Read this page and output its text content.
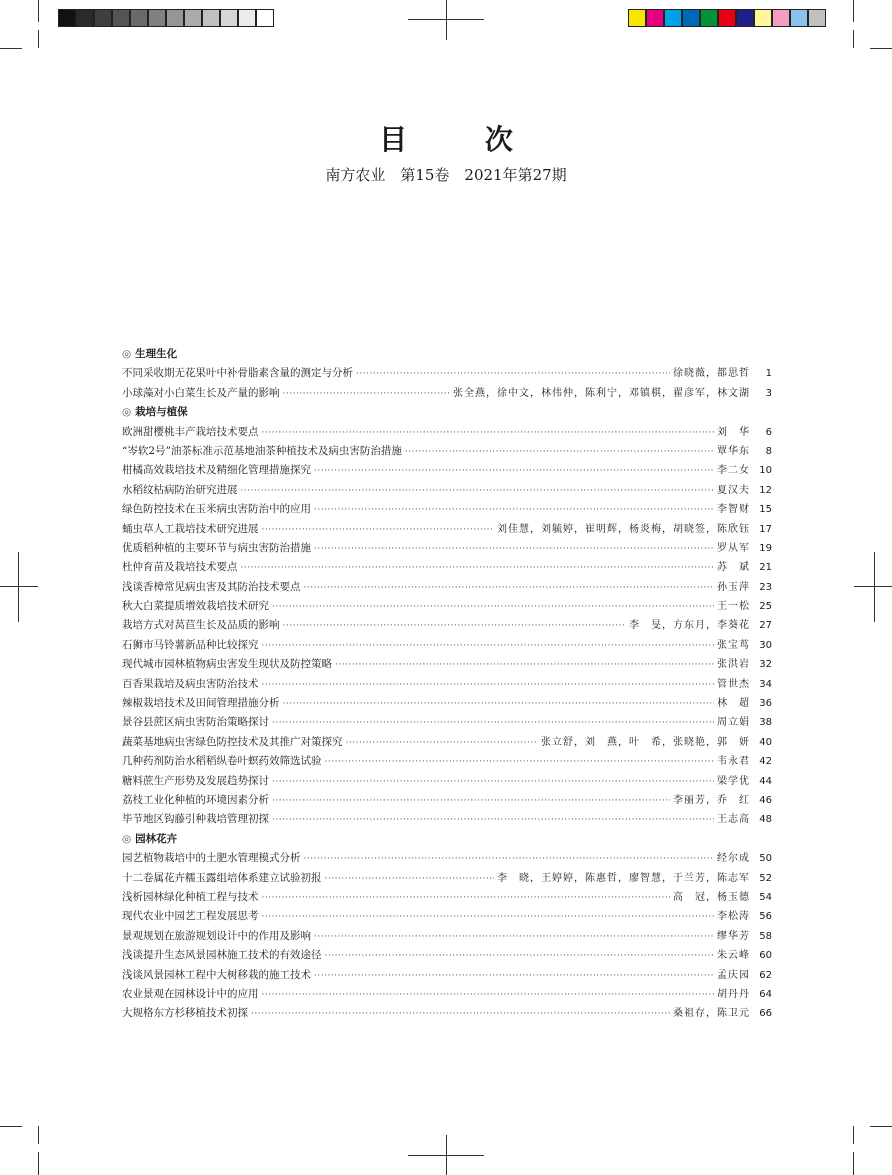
目 次
南方农业　第15卷　2021年第27期
◎ 生理生化
不同采收期无花果叶中补骨脂素含量的测定与分析 ·····	徐晓薇，都思哲	1
小球藻对小白菜生长及产量的影响 ·····	张全燕，徐中文，林伟仲，陈利宁，邓镇棋，翟彦军，林文湖	3
◎ 栽培与植保
欧洲甜樱桃丰产栽培技术要点 ·····	刘　华	6
“岑软2号”油茶标准示范基地油茶种植技术及病虫害防治措施 ·····	覃华东	8
柑橘高效栽培技术及精细化管理措施探究 ·····	李二女 10
水稻纹枯病防治研究进展 ·····	夏汉夫 12
绿色防控技术在玉米病虫害防治中的应用 ·····	李智财 15
蛹虫草人工栽培技术研究进展 ·····	刘佳慧，刘毓婷，崔明辉，杨炎梅，胡晓签，陈欣钰 17
优质稻种植的主要环节与病虫害防治措施 ·····	罗从军 19
杜仲育苗及栽培技术要点 ·····	苏　斌 21
浅谈香樟常见病虫害及其防治技术要点 ·····	孙玉萍 23
秋大白菜提质增效栽培技术研究 ·····	王一松 25
栽培方式对莴苣生长及品质的影响 ·····	李　旻，方东月，李葵花 27
石狮市马铃薯新品种比较探究 ·····	张宝茑 30
现代城市园林植物病虫害发生现状及防控策略 ·····	张洪岩 32
百香果栽培及病虫害防治技术 ·····	管世杰 34
辣椒栽培技术及田间管理措施分析 ·····	林　超 36
景谷县蔗区病虫害防治策略探讨 ·····	周立娟 38
蔬菜基地病虫害绿色防控技术及其推广对策探究 ·····	张立舒，刘　燕，叶　希，张晓艳，郭　妍 40
几种药剂防治水稻稻纵卷叶螟药效筛选试验 ·····	韦永君 42
糖料蔗生产形势及发展趋势探讨 ·····	梁学优 44
荔枝工业化种植的环境因素分析 ·····	李丽芳，乔　红 46
毕节地区钩藤引种栽培管理初探 ·····	王志高 48
◎ 园林花卉
园艺植物栽培中的土肥水管理模式分析 ·····	经尔成 50
十二卷属花卉糯玉露组培体系建立试验初报 ·····	李　晓，王婷婷，陈惠哲，廖智慧，于兰芳，陈志军 52
浅析园林绿化种植工程与技术 ·····	高　冠，杨玉德 54
现代农业中园艺工程发展思考 ·····	李松涛 56
景观规划在旅游规划设计中的作用及影响 ·····	缪华芳 58
浅谈提升生态风景园林施工技术的有效途径 ·····	朱云峰 60
浅谈风景园林工程中大树移栽的施工技术 ·····	孟庆园 62
农业景观在园林设计中的应用 ·····	胡丹丹 64
大规格东方杉移植技术初探 ·····	桑祖存，陈卫元 66
